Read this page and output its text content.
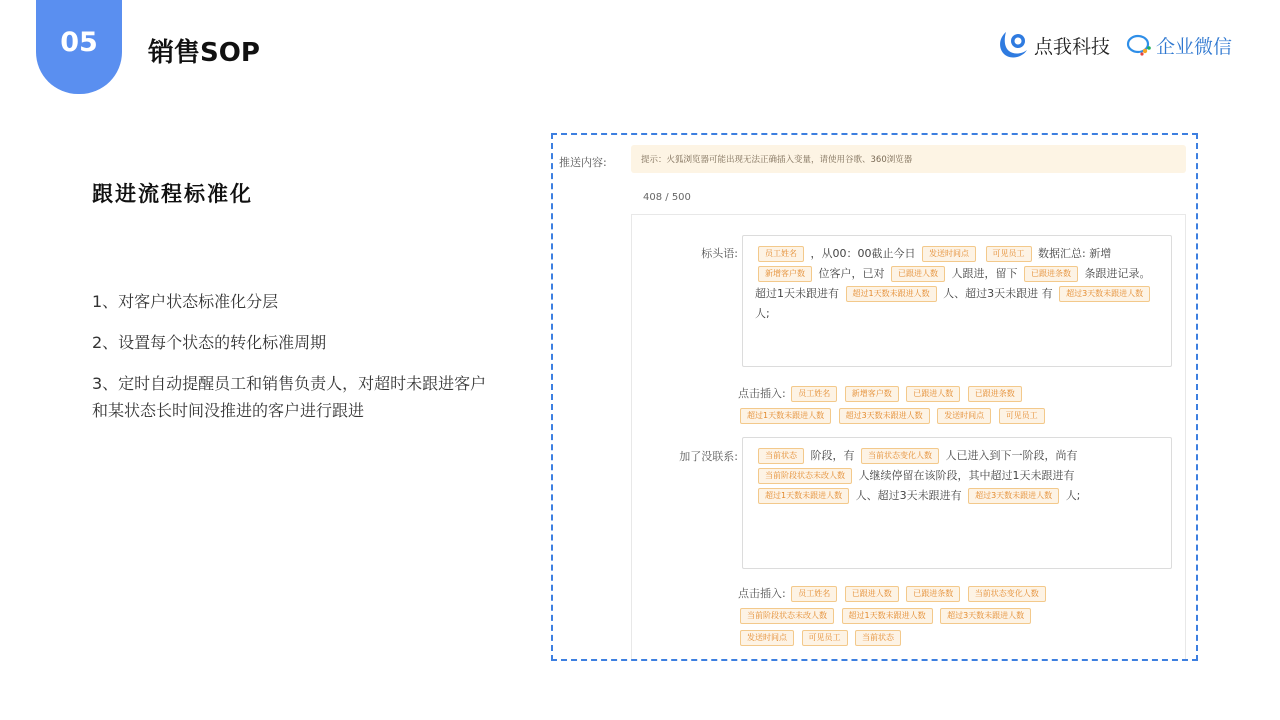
05 销售SOP	点我科技 企业微信
跟进流程标准化
1、对客户状态标准化分层
2、设置每个状态的转化标准周期
3、定时自动提醒员工和销售负责人，对超时未跟进客户和某状态长时间没推进的客户进行跟进
推送内容:	提示：火狐浏览器可能出现无法正确插入变量，请使用谷歌、360浏览器
408 / 500
标头语:	员工姓名 ，从00：00截止今日 发送时间点	可见员工 数据汇总: 新增 新增客户数 位客户，已对 已跟进人数 人跟进，留下 已跟进条数 条跟进记录。超过1天未跟进有 超过1天数未跟进人数 人、超过3天未跟进 有 超过3天数未跟进人数 人;
点击插入: 员工姓名	新增客户数	已跟进人数	已跟进条数
超过1天数未跟进人数	超过3天数未跟进人数	发送时间点	可见员工
加了没联系:	当前状态 阶段，有 当前状态变化人数 人已进入到下一阶段，尚有 当前阶段状态未改人数 人继续停留在该阶段，其中超过1天未跟进有 超过1天数未跟进人数 人、超过3天未跟进有 超过3天数未跟进人数 人;
点击插入: 员工姓名	已跟进人数	已跟进条数	当前状态变化人数
当前阶段状态未改人数	超过1天数未跟进人数	超过3天数未跟进人数
发送时间点	可见员工	当前状态
